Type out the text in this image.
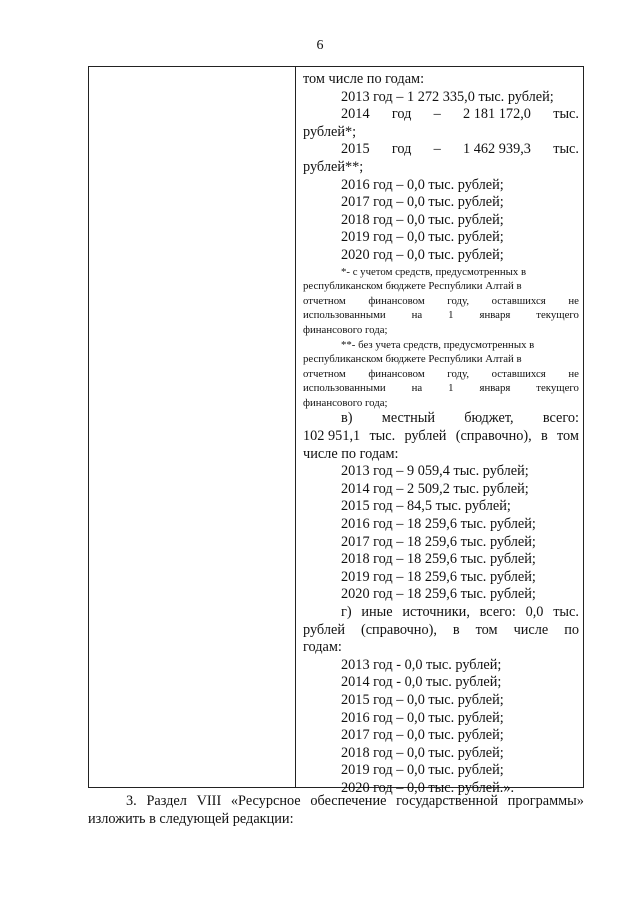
6
том числе по годам:
2013 год – 1 272 335,0 тыс. рублей;
2014 год – 2 181 172,0 тыс.
рублей*;
2015 год – 1 462 939,3 тыс.
рублей**;
2016 год – 0,0 тыс. рублей;
2017 год – 0,0 тыс. рублей;
2018 год – 0,0 тыс. рублей;
2019 год – 0,0 тыс. рублей;
2020 год – 0,0 тыс. рублей;
*- с учетом средств, предусмотренных в
республиканском бюджете Республики Алтай в
отчетном финансовом году, оставшихся не
использованными на 1 января текущего
финансового года;
**- без учета средств, предусмотренных в
республиканском бюджете Республики Алтай в
отчетном финансовом году, оставшихся не
использованными на 1 января текущего
финансового года;
в) местный бюджет, всего:
102 951,1 тыс. рублей (справочно), в том
числе по годам:
2013 год – 9 059,4 тыс. рублей;
2014 год – 2 509,2 тыс. рублей;
2015 год – 84,5 тыс. рублей;
2016 год – 18 259,6 тыс. рублей;
2017 год – 18 259,6 тыс. рублей;
2018 год – 18 259,6 тыс. рублей;
2019 год – 18 259,6 тыс. рублей;
2020 год – 18 259,6 тыс. рублей;
г) иные источники, всего: 0,0 тыс.
рублей (справочно), в том числе по
годам:
2013 год - 0,0 тыс. рублей;
2014 год - 0,0 тыс. рублей;
2015 год – 0,0 тыс. рублей;
2016 год – 0,0 тыс. рублей;
2017 год – 0,0 тыс. рублей;
2018 год – 0,0 тыс. рублей;
2019 год – 0,0 тыс. рублей;
2020 год – 0,0 тыс. рублей.».
3. Раздел VIII «Ресурсное обеспечение государственной программы»
изложить в следующей редакции:
